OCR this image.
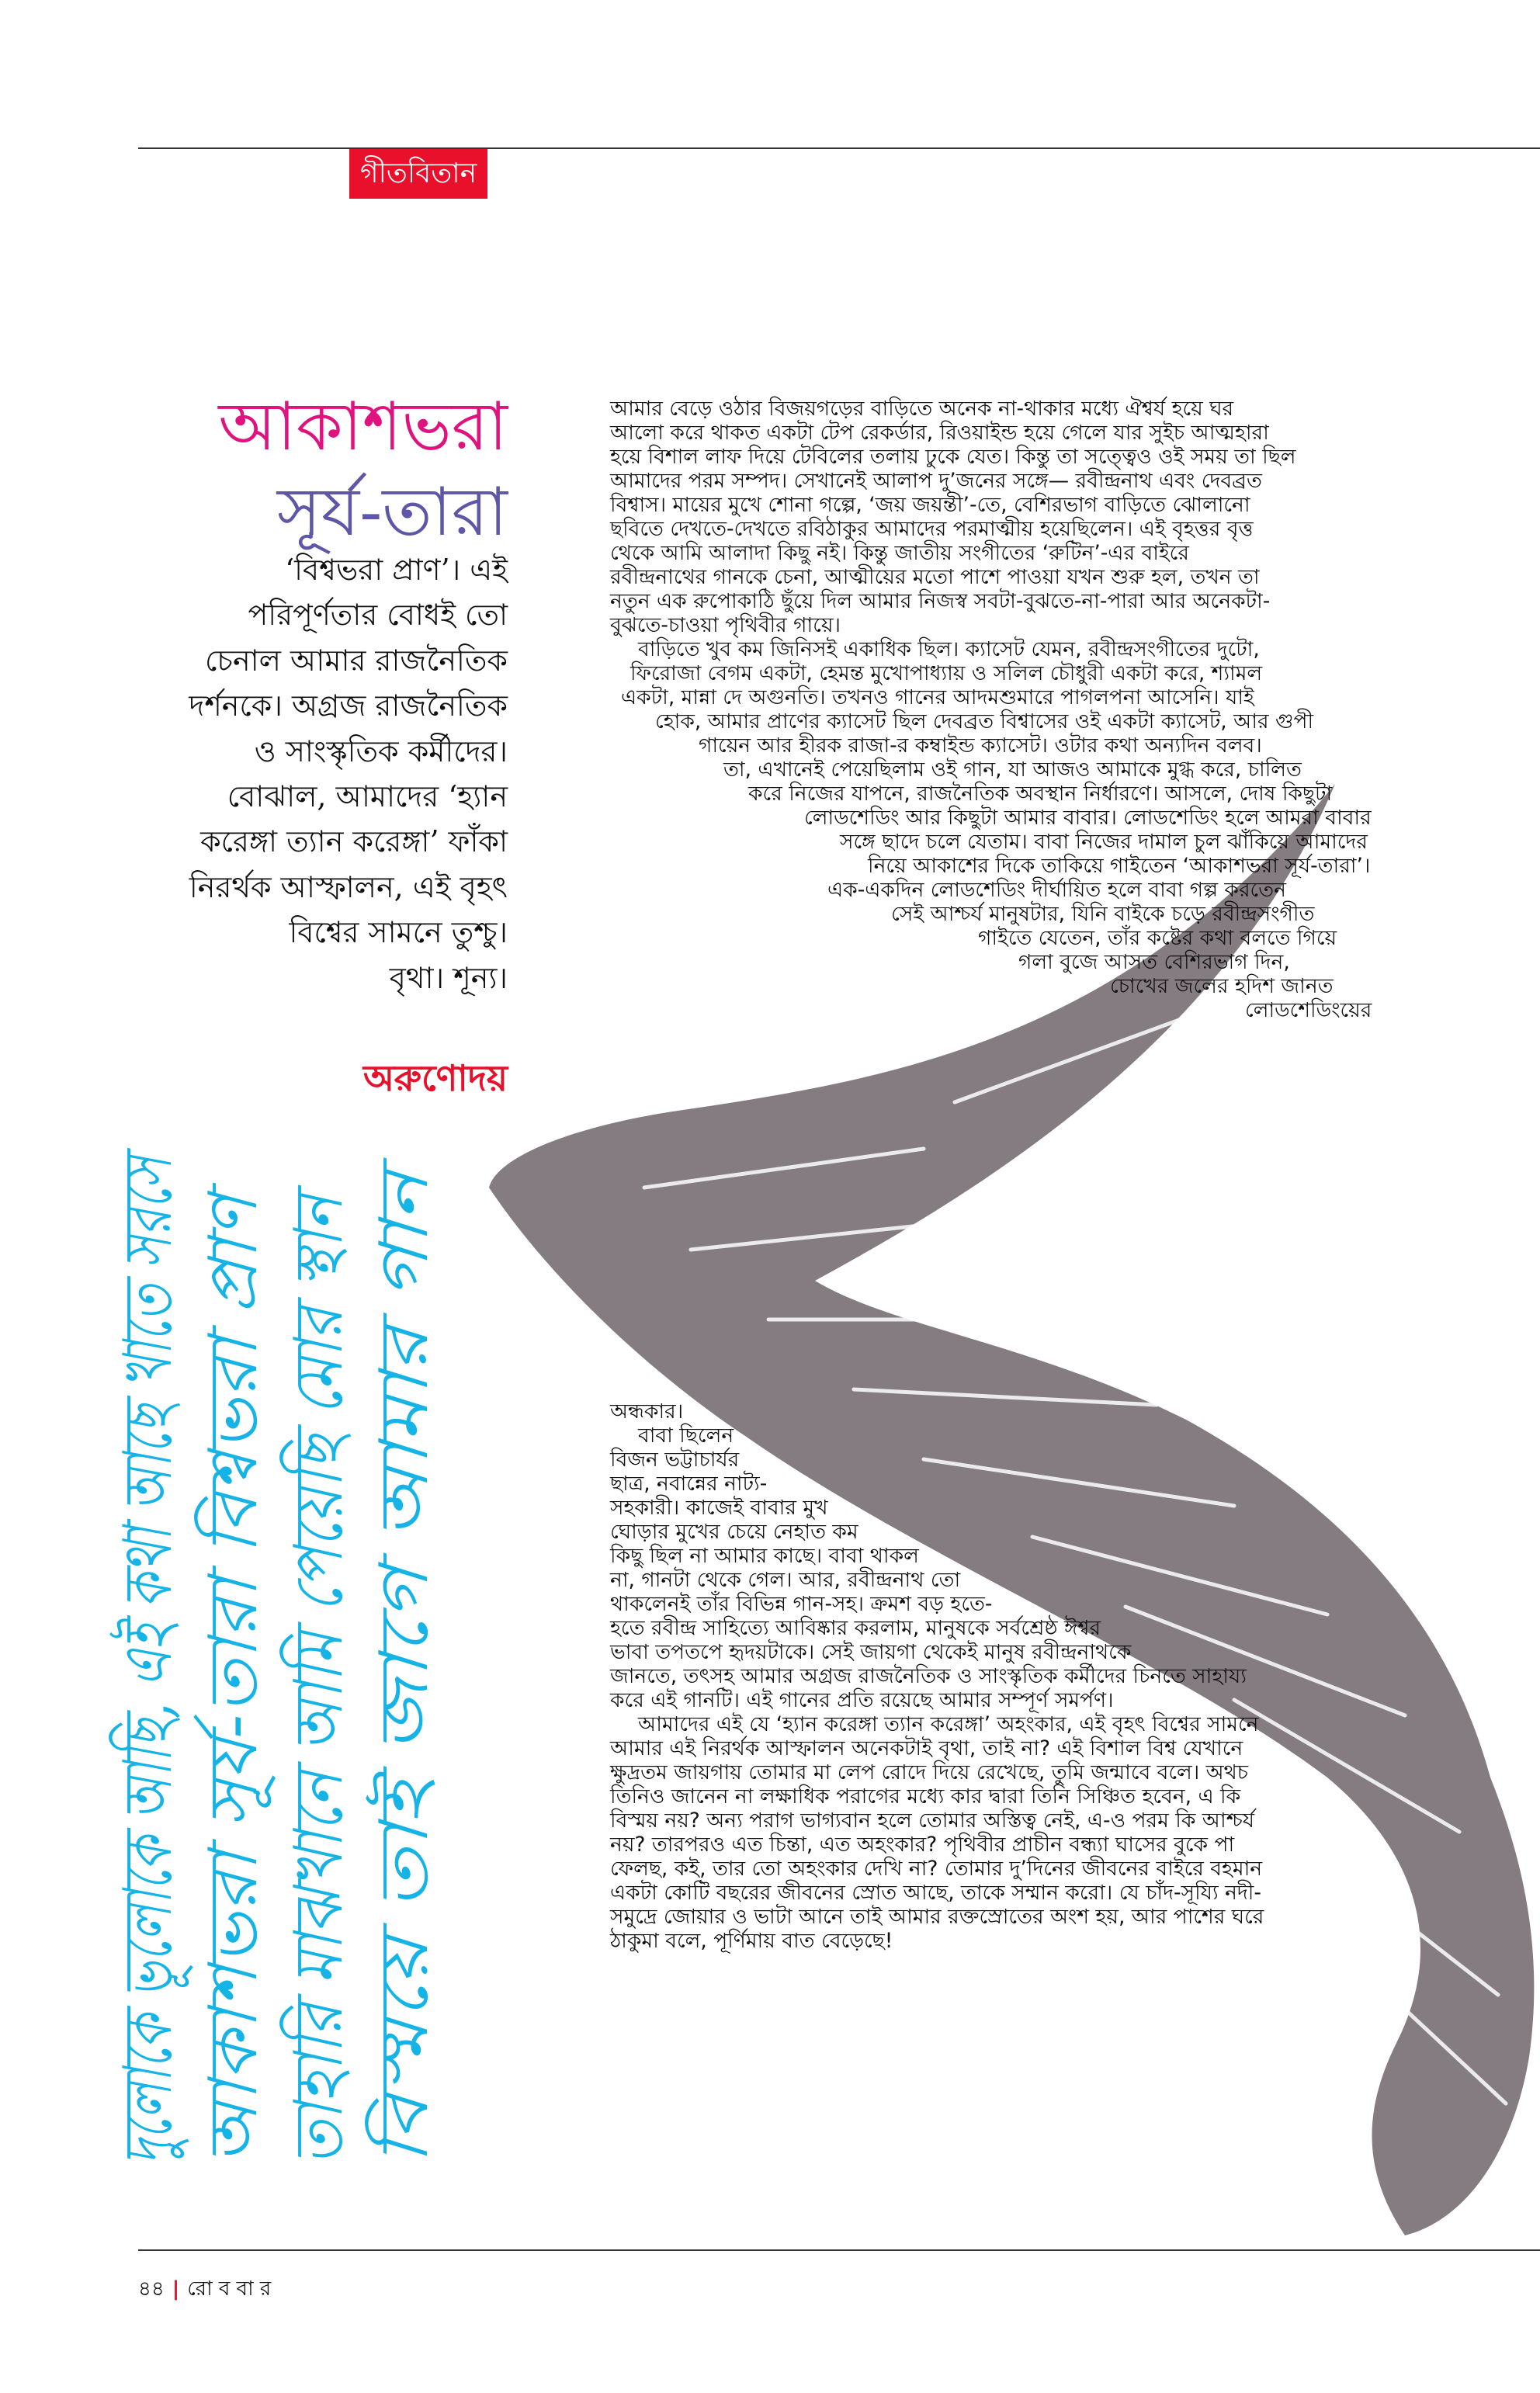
গীতবিতান
আকাশভরা
সূর্য-তারা

‘বিশ্বভরা প্রাণ’। এই

পরিপূর্ণতার বোধই তো

চেনাল আমার রাজনৈতিক

দর্শনকে। অগ্রজ রাজনৈতিক

ও সাংস্কৃতিক কর্মীদের।

বোঝাল, আমাদের ‘হ্যান

করেঙ্গা ত্যান করেঙ্গা’ ফাঁকা

নিরর্থক আস্ফালন, এই বৃহৎ

বিশ্বের সামনে তুশ্চু।

বৃথা। শূন্য।

অরুণোদয়
দুলোকে ভূলোকে আছি, এই কথা আছে খাতে সরসে আকাশভরা সূর্য-তারা বিশ্বভরা প্রাণ তাহারি মাঝখানে আমি পেয়েছি মোর স্থান বিস্ময়ে তাই জাগে আমার গান
আমার বেড়ে ওঠার বিজয়গড়ের বাড়িতে অনেক না-থাকার মধ্যে ঐশ্বর্য হয়ে ঘর
আলো করে থাকত একটা টেপ রেকর্ডার, রিওয়াইন্ড হয়ে গেলে যার সুইচ আত্মহারা
হয়ে বিশাল লাফ দিয়ে টেবিলের তলায় ঢুকে যেত। কিন্তু তা সত্ত্বেও ওই সময় তা ছিল
আমাদের পরম সম্পদ। সেখানেই আলাপ দু’জনের সঙ্গে— রবীন্দ্রনাথ এবং দেবব্রত
বিশ্বাস। মায়ের মুখে শোনা গল্পে, ‘জয় জয়ন্তী’-তে, বেশিরভাগ বাড়িতে ঝোলানো
ছবিতে দেখতে-দেখতে রবিঠাকুর আমাদের পরমাত্মীয় হয়েছিলেন। এই বৃহত্তর বৃত্ত
থেকে আমি আলাদা কিছু নই। কিন্তু জাতীয় সংগীতের ‘রুটিন’-এর বাইরে
রবীন্দ্রনাথের গানকে চেনা, আত্মীয়ের মতো পাশে পাওয়া যখন শুরু হল, তখন তা
নতুন এক রুপোকাঠি ছুঁয়ে দিল আমার নিজস্ব সবটা-বুঝতে-না-পারা আর অনেকটা-
বুঝতে-চাওয়া পৃথিবীর গায়ে।
বাড়িতে খুব কম জিনিসই একাধিক ছিল। ক্যাসেট যেমন, রবীন্দ্রসংগীতের দুটো,
ফিরোজা বেগম একটা, হেমন্ত মুখোপাধ্যায় ও সলিল চৌধুরী একটা করে, শ্যামল
একটা, মান্না দে অগুনতি। তখনও গানের আদমশুমারে পাগলপনা আসেনি। যাই
হোক, আমার প্রাণের ক্যাসেট ছিল দেবব্রত বিশ্বাসের ওই একটা ক্যাসেট, আর গুপী
গায়েন আর হীরক রাজা-র কম্বাইন্ড ক্যাসেট। ওটার কথা অন্যদিন বলব।
তা, এখানেই পেয়েছিলাম ওই গান, যা আজও আমাকে মুগ্ধ করে, চালিত
করে নিজের যাপনে, রাজনৈতিক অবস্থান নির্ধারণে। আসলে, দোষ কিছুটা
লোডশেডিং আর কিছুটা আমার বাবার। লোডশেডিং হলে আমরা বাবার
সঙ্গে ছাদে চলে যেতাম। বাবা নিজের দামাল চুল ঝাঁকিয়ে আমাদের
নিয়ে আকাশের দিকে তাকিয়ে গাইতেন ‘আকাশভরা সূর্য-তারা’।
এক-একদিন লোডশেডিং দীর্ঘায়িত হলে বাবা গল্প করতেন
সেই আশ্চর্য মানুষটার, যিনি বাইকে চড়ে রবীন্দ্রসংগীত
গাইতে যেতেন, তাঁর কষ্টের কথা বলতে গিয়ে
গলা বুজে আসত বেশিরভাগ দিন,
চোখের জলের হদিশ জানত
লোডশেডিংয়ের
অন্ধকার।
বাবা ছিলেন
বিজন ভট্টাচার্যর
ছাত্র, নবান্নের নাট্য-
সহকারী। কাজেই বাবার মুখ
ঘোড়ার মুখের চেয়ে নেহাত কম
কিছু ছিল না আমার কাছে। বাবা থাকল
না, গানটা থেকে গেল। আর, রবীন্দ্রনাথ তো
থাকলেনই তাঁর বিভিন্ন গান-সহ। ক্রমশ বড় হতে-
হতে রবীন্দ্র সাহিত্যে আবিষ্কার করলাম, মানুষকে সর্বশ্রেষ্ঠ ঈশ্বর
ভাবা তপতপে হৃদয়টাকে। সেই জায়গা থেকেই মানুষ রবীন্দ্রনাথকে
জানতে, তৎসহ আমার অগ্রজ রাজনৈতিক ও সাংস্কৃতিক কর্মীদের চিনতে সাহায্য
করে এই গানটি। এই গানের প্রতি রয়েছে আমার সম্পূর্ণ সমর্পণ।
আমাদের এই যে ‘হ্যান করেঙ্গা ত্যান করেঙ্গা’ অহংকার, এই বৃহৎ বিশ্বের সামনে
আমার এই নিরর্থক আস্ফালন অনেকটাই বৃথা, তাই না? এই বিশাল বিশ্ব যেখানে
ক্ষুদ্রতম জায়গায় তোমার মা লেপ রোদে দিয়ে রেখেছে, তুমি জন্মাবে বলে। অথচ
তিনিও জানেন না লক্ষাধিক পরাগের মধ্যে কার দ্বারা তিনি সিঞ্চিত হবেন, এ কি
বিস্ময় নয়? অন্য পরাগ ভাগ্যবান হলে তোমার অস্তিত্ব নেই, এ-ও পরম কি আশ্চর্য
নয়? তারপরও এত চিন্তা, এত অহংকার? পৃথিবীর প্রাচীন বন্ধ্যা ঘাসের বুকে পা
ফেলছ, কই, তার তো অহংকার দেখি না? তোমার দু’দিনের জীবনের বাইরে বহমান
একটা কোটি বছরের জীবনের স্রোত আছে, তাকে সম্মান করো। যে চাঁদ-সূয্যি নদী-
সমুদ্রে জোয়ার ও ভাটা আনে তাই আমার রক্তস্রোতের অংশ হয়, আর পাশের ঘরে
ঠাকুমা বলে, পূর্ণিমায় বাত বেড়েছে!
৪৪ | রো ব বা র
